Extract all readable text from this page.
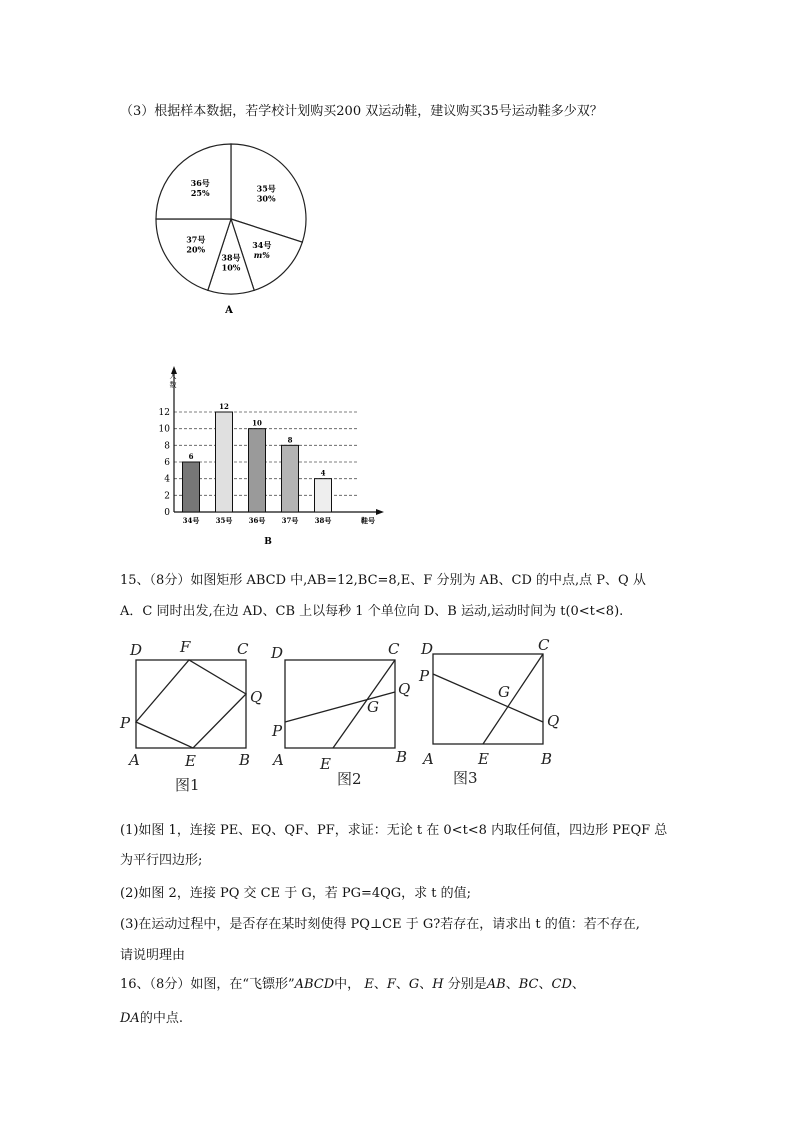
（3）根据样本数据，若学校计划购买200 双运动鞋，建议购买35号运动鞋多少双？
35号
30%
34号
m%
38号
10%
37号
20%
36号
25%
A
0
2
4
6
8
10
12
34号 35号 36号 37号 38号
6
12
10
8
4
人
数
鞋号
B
15、（8分）如图矩形 ABCD 中,AB=12,BC=8,E、F 分别为 AB、CD 的中点,点 P、Q 从
A．C 同时出发,在边 AD、CB 上以每秒 1 个单位向 D、B 运动,运动时间为 t(0<t<8).
D	F	C
Q
P
A	E	B
图1
D	C
Q
G
P
A E	B
图2
D	C
P
G
Q
A	E	B
图3
(1)如图 1，连接 PE、EQ、QF、PF，求证：无论 t 在 0<t<8 内取任何值，四边形 PEQF 总
为平行四边形;
(2)如图 2，连接 PQ 交 CE 于 G，若 PG=4QG，求 t 的值;
(3)在运动过程中，是否存在某时刻使得 PQ⊥CE 于 G?若存在，请求出 t 的值：若不存在,
请说明理由
16、（8分）如图，在“飞镖形”ABCD中， E、F、G、H 分别是AB、BC、CD、
DA的中点.
